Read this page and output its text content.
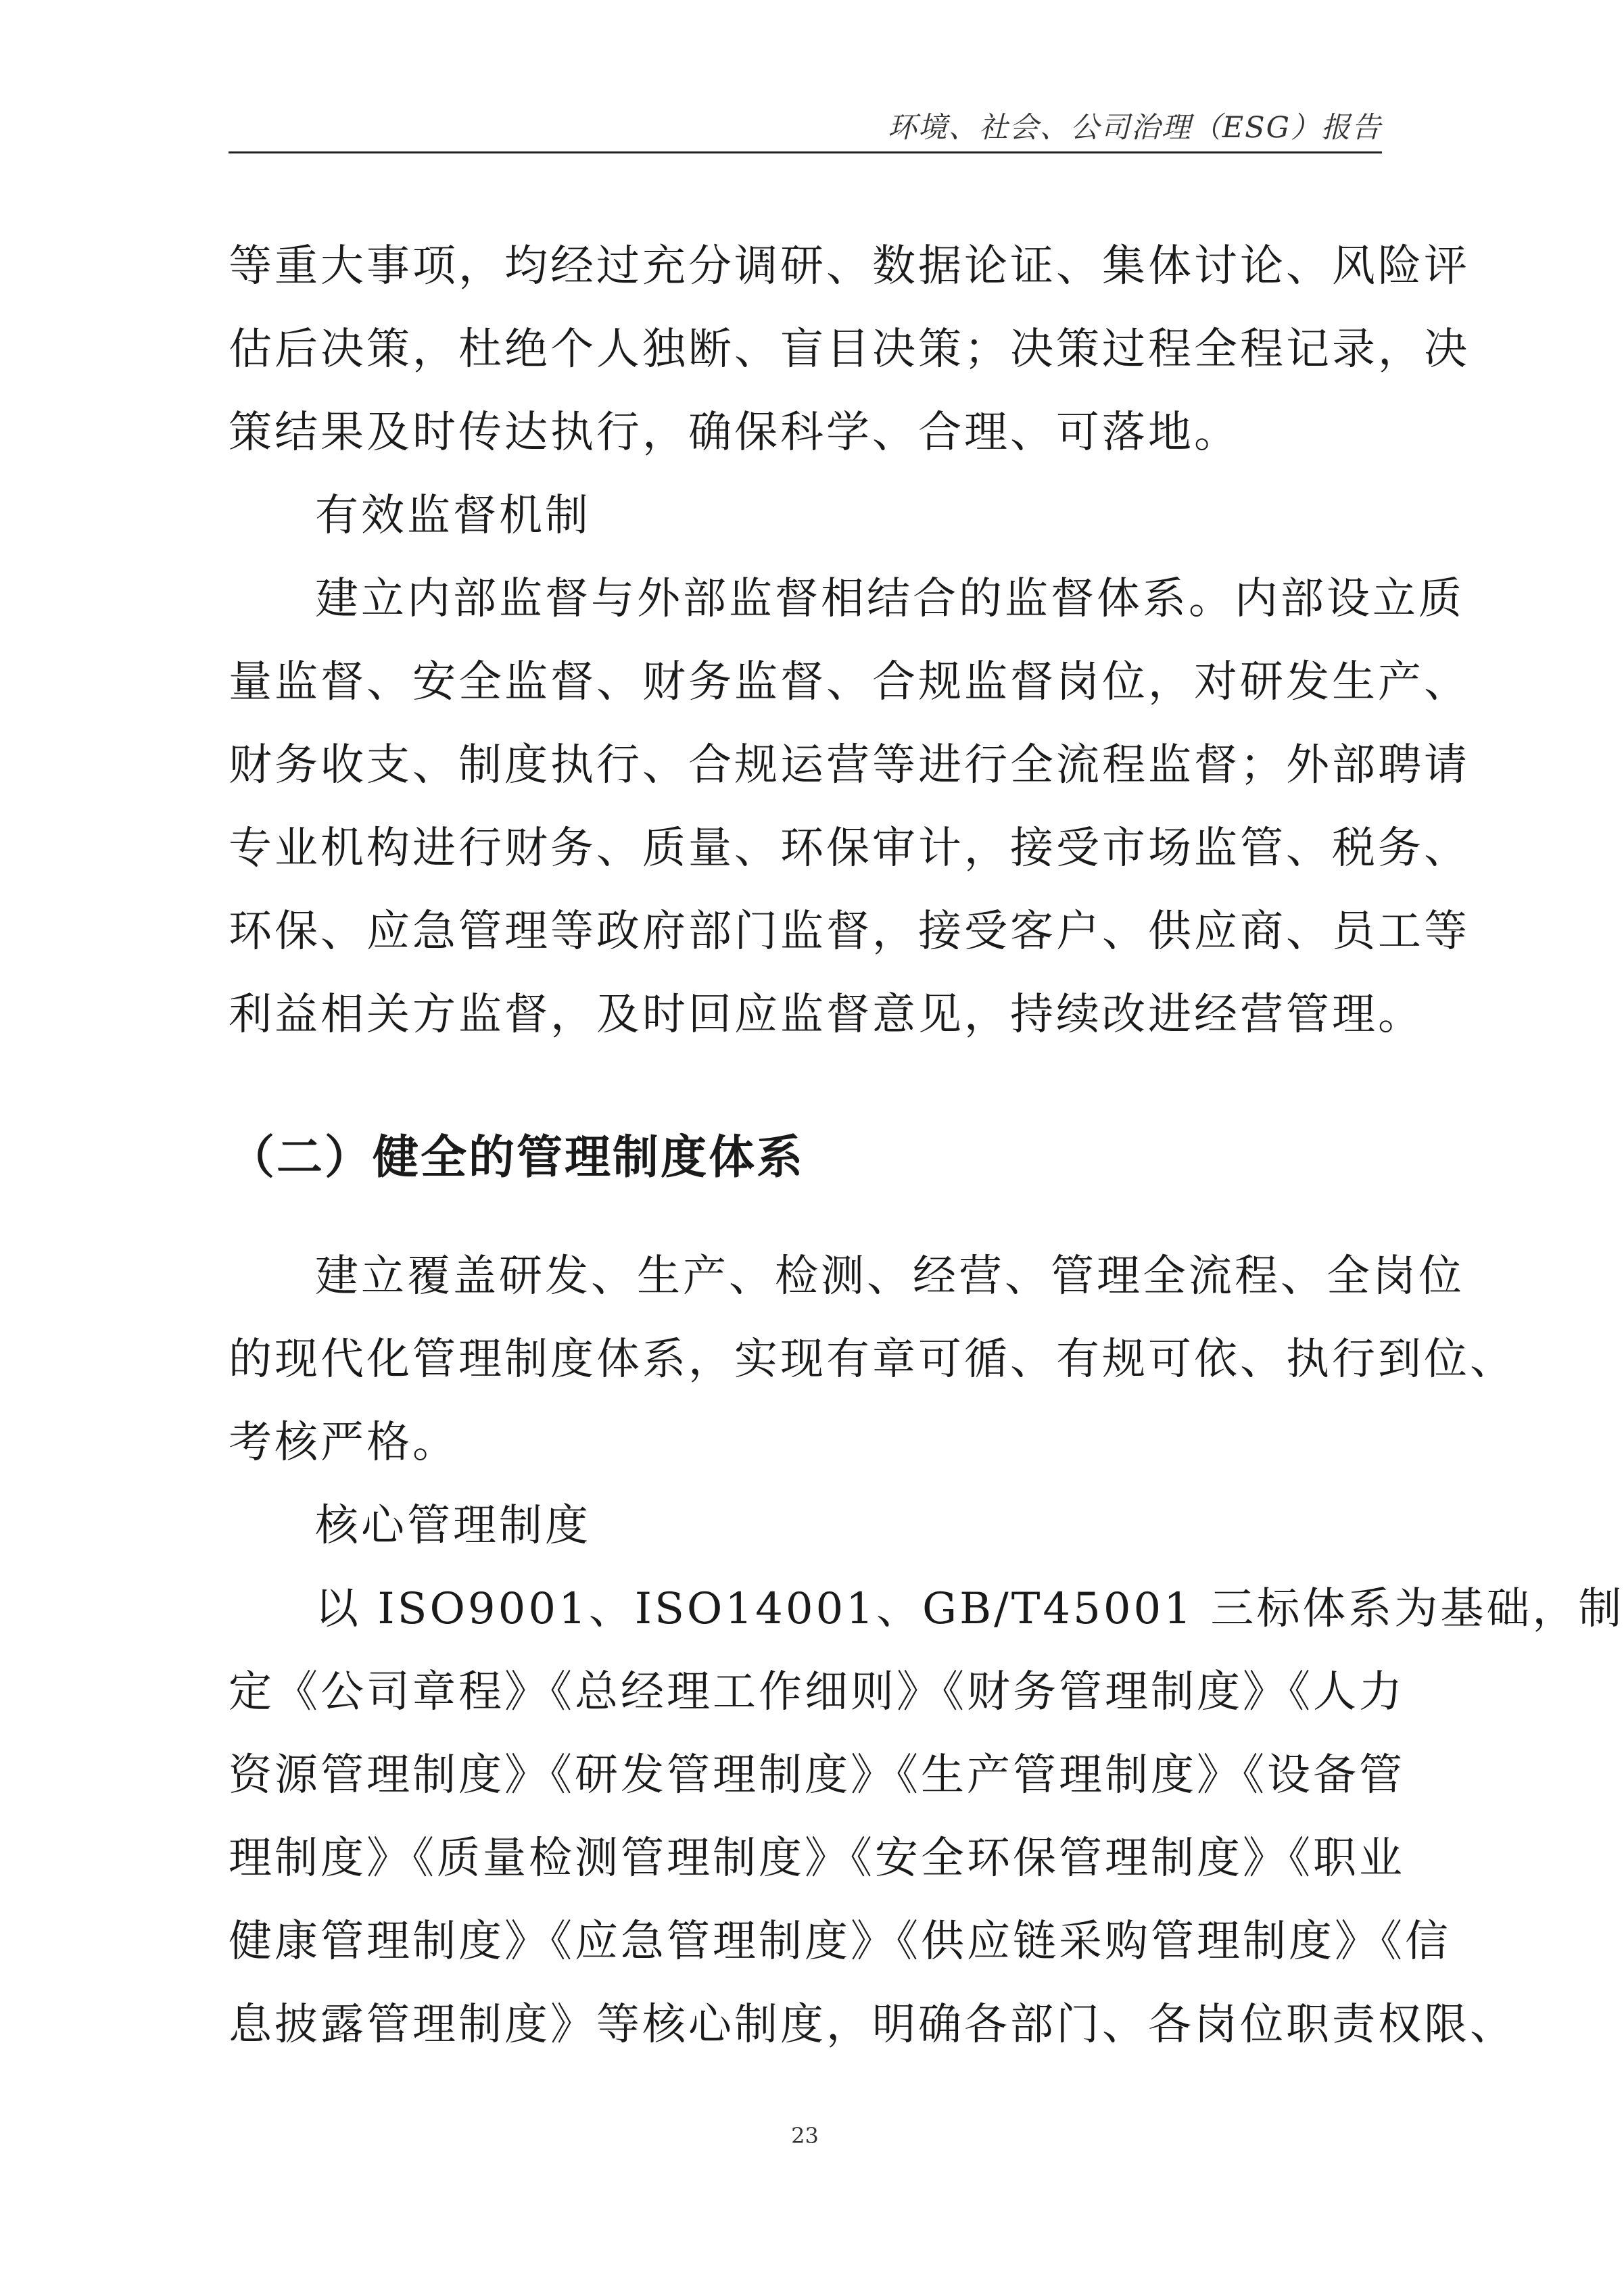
环境、社会、公司治理（ESG）报告
等重大事项，均经过充分调研、数据论证、集体讨论、风险评
估后决策，杜绝个人独断、盲目决策；决策过程全程记录，决
策结果及时传达执行，确保科学、合理、可落地。
有效监督机制
建立内部监督与外部监督相结合的监督体系。内部设立质
量监督、安全监督、财务监督、合规监督岗位，对研发生产、
财务收支、制度执行、合规运营等进行全流程监督；外部聘请
专业机构进行财务、质量、环保审计，接受市场监管、税务、
环保、应急管理等政府部门监督，接受客户、供应商、员工等
利益相关方监督，及时回应监督意见，持续改进经营管理。
（二）健全的管理制度体系
建立覆盖研发、生产、检测、经营、管理全流程、全岗位
的现代化管理制度体系，实现有章可循、有规可依、执行到位、
考核严格。
核心管理制度
以 ISO9001、ISO14001、GB/T45001 三标体系为基础，制
定《公司章程》《总经理工作细则》《财务管理制度》《人力
资源管理制度》《研发管理制度》《生产管理制度》《设备管
理制度》《质量检测管理制度》《安全环保管理制度》《职业
健康管理制度》《应急管理制度》《供应链采购管理制度》《信
息披露管理制度》等核心制度，明确各部门、各岗位职责权限、
23
